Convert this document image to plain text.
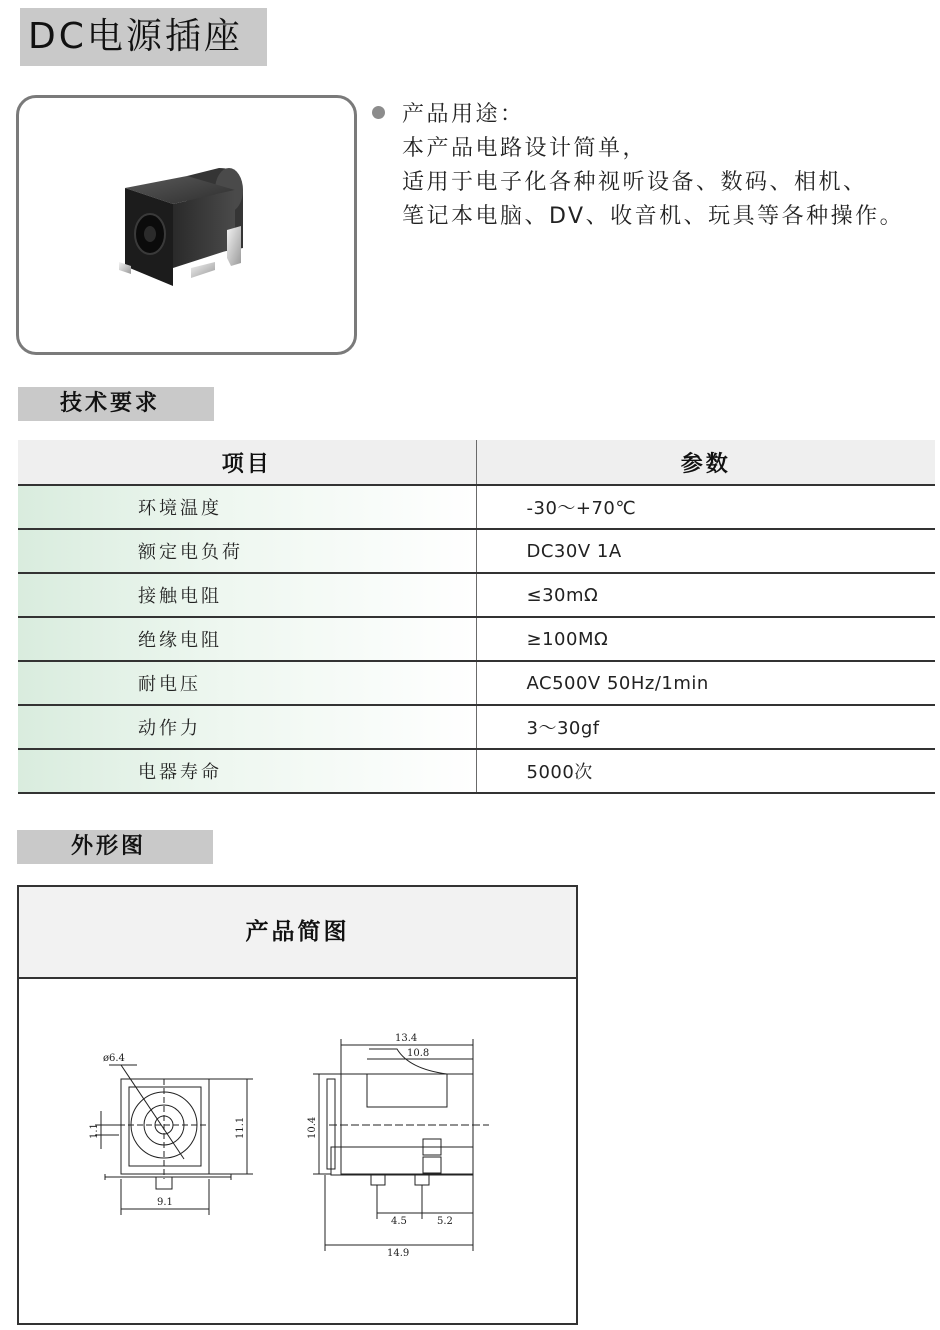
DC电源插座
产品用途：
本产品电路设计简单，
适用于电子化各种视听设备、数码、相机、
笔记本电脑、DV、收音机、玩具等各种操作。
技术要求
项目	参数
环境温度	-30～+70℃
额定电负荷	DC30V 1A
接触电阻	≤30mΩ
绝缘电阻	≥100MΩ
耐电压	AC500V 50Hz/1min
动作力	3～30gf
电器寿命	5000次
外形图
产品简图
ø6.4
9.1
11.1
1.1
13.4
10.8
10.4
4.5	5.2
14.9
